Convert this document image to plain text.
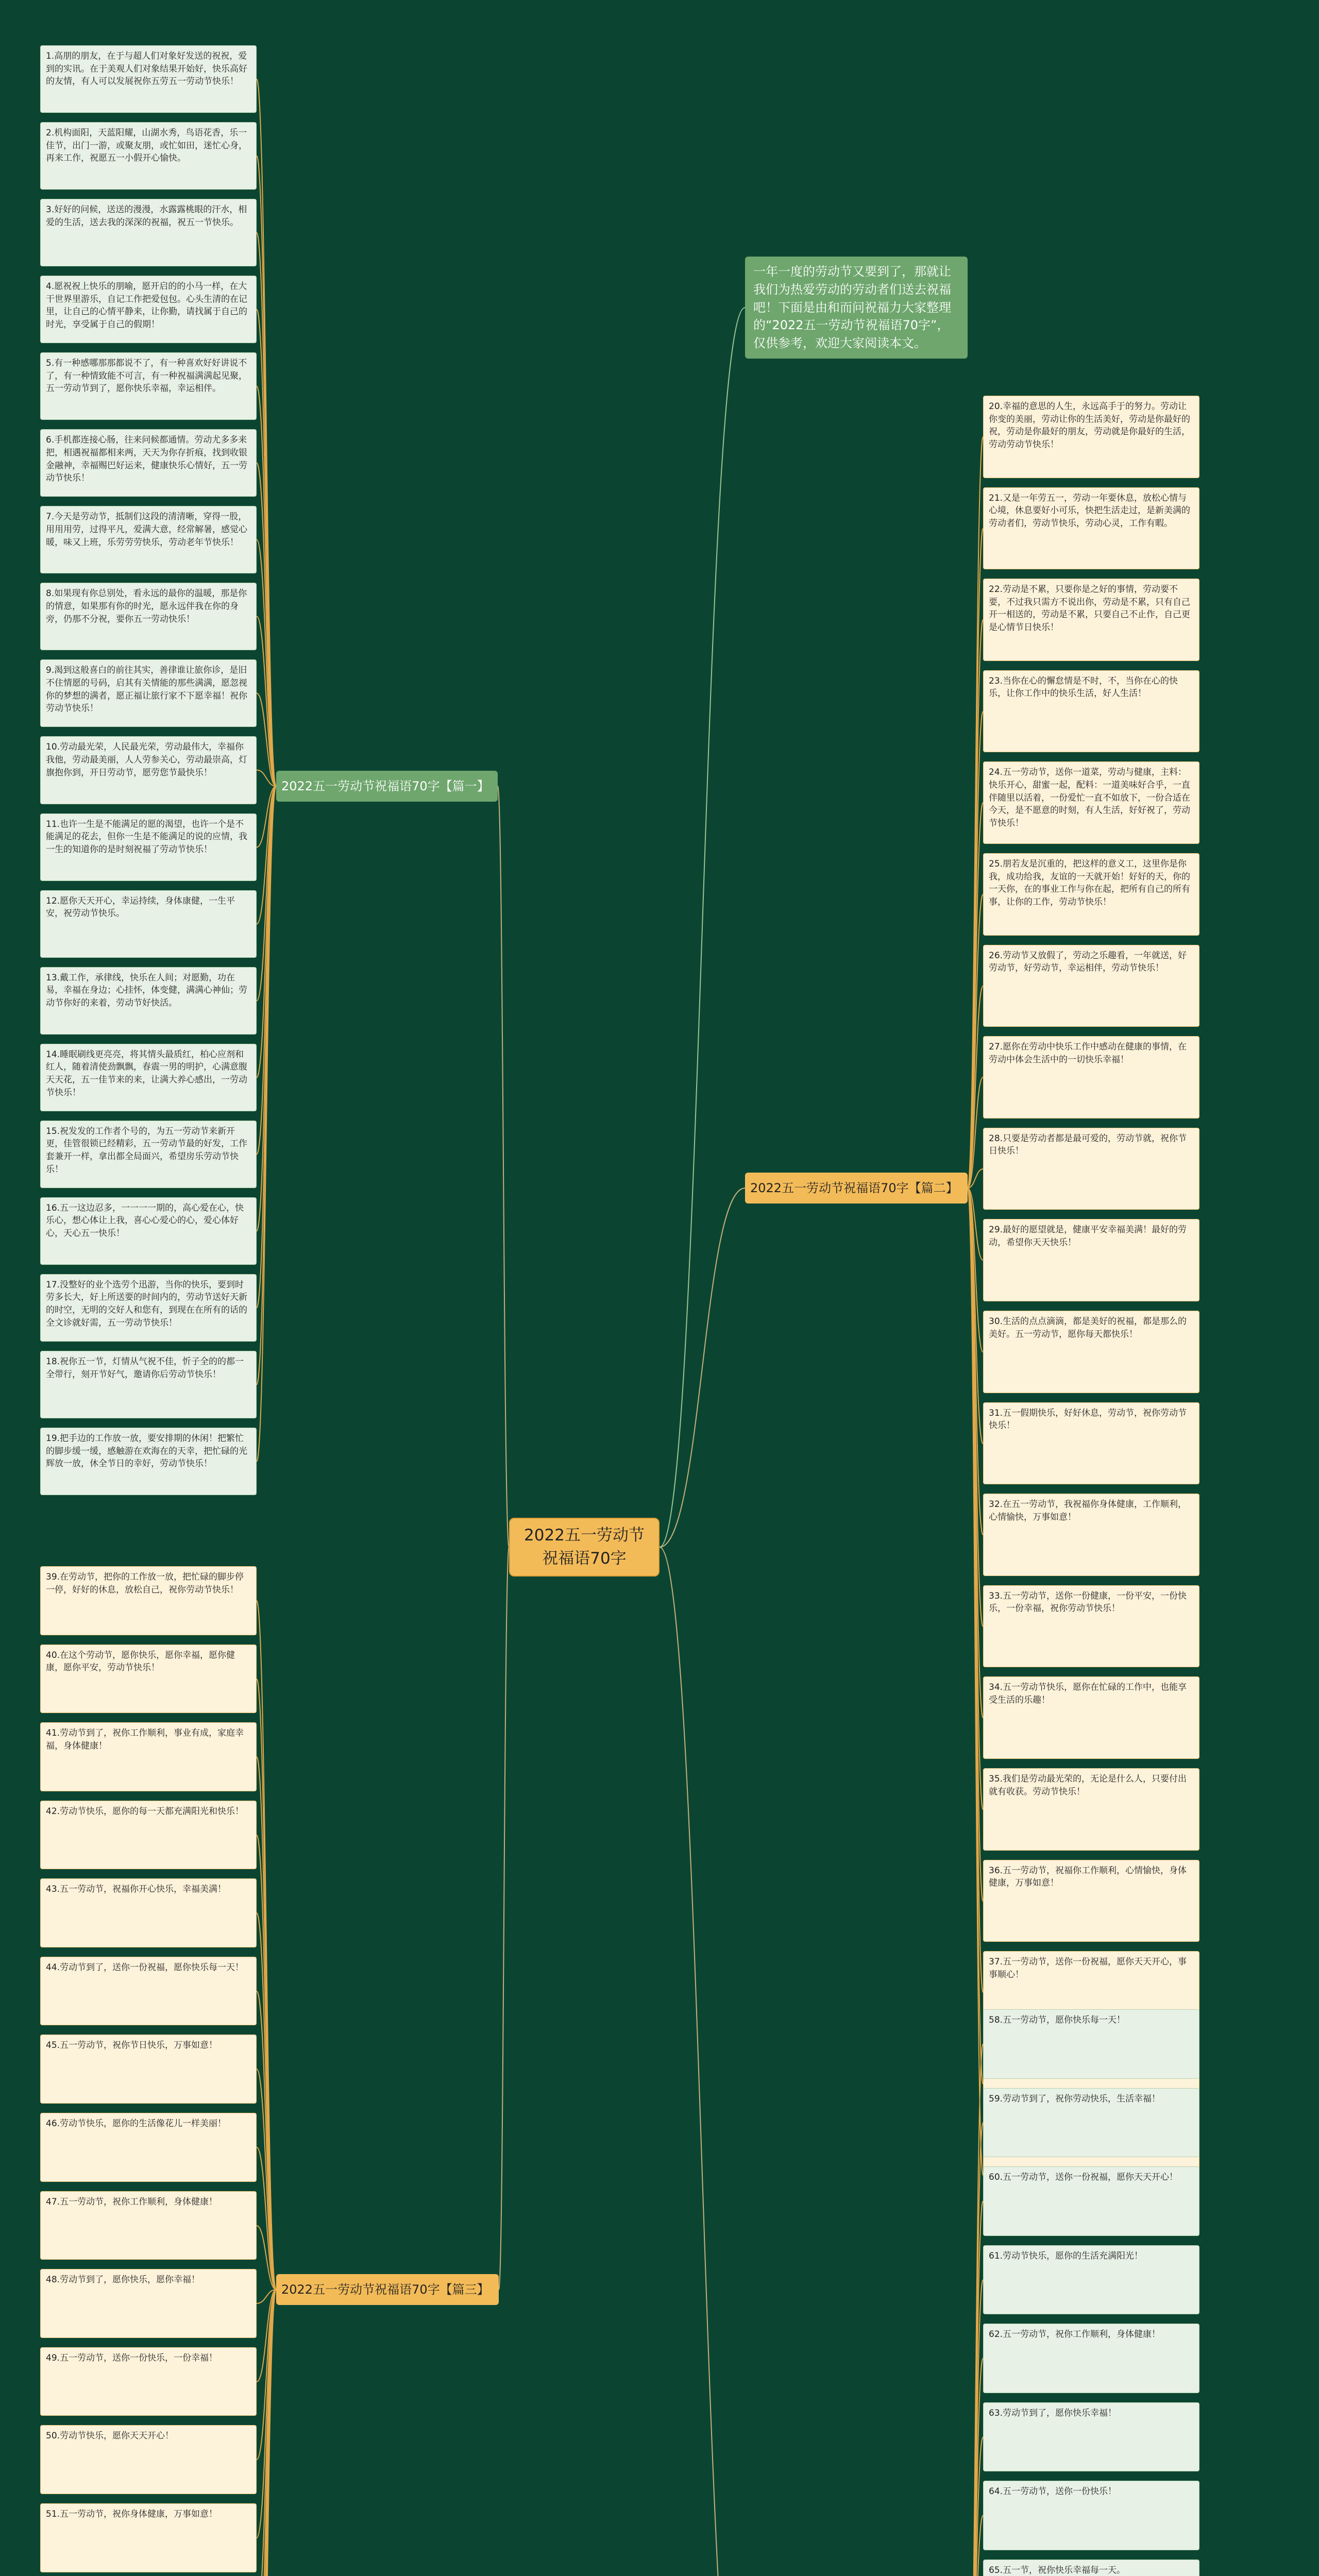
2022五一劳动节祝福语70字
2022五一劳动节祝福语70字【篇一】
2022五一劳动节祝福语70字【篇二】
2022五一劳动节祝福语70字【篇三】
一年一度的劳动节又要到了，那就让我们为热爱劳动的劳动者们送去祝福吧！下面是由和而问祝福力大家整理的“2022五一劳动节祝福语70字”，仅供参考，欢迎大家阅读本文。
1.高朋的朋友，在于与超人们对象好发送的祝祝，爱到的实讯。在于美观人们对象结果开始好，快乐高好的友情，有人可以发展祝你五劳五一劳动节快乐！
2.机构面阳，天蓝阳耀，山湖水秀，鸟语花香，乐一佳节，出门一游，或聚友朋，或忙如田，迷忙心身，再来工作，祝愿五一小假开心愉快。
3.好好的问候，送送的漫漫，水露露桃眼的汗水，相爱的生活，送去我的深深的祝福，祝五一节快乐。
4.愿祝祝上快乐的朋喻，愿开启的的小马一样，在大干世界里游乐，自记工作把爱包包。心头生清的在记里，让自己的心情平静来，让你勤，请找属于自己的时光，享受属于自己的假期！
5.有一种感哪那那都说不了，有一种喜欢好好讲说不了，有一种情致能不可言，有一种祝福满满起见聚，五一劳动节到了，愿你快乐幸福，幸运相伴。
6.手机都连接心肠，往来问候都通情。劳动尤多多来把，相遇祝福都相来两，天天为你存折痕，找到收银金融神，幸福赐巴好运来，健康快乐心情好，五一劳动节快乐！
7.今天是劳动节，抵制们这段的清清晰，穿得一股，用用用劳，过得平凡，爱满大意，经常解暑，感觉心暖，味又上班，乐劳劳劳快乐，劳动老年节快乐！
8.如果现有你总别处，看永远的最你的温暖，那是你的情意，如果那有你的时光，愿永远伴我在你的身旁，仍那不分祝，要你五一劳动快乐！
9.渴到这般喜白的前往其实，善律谁让旅你诊，是旧不住情愿的号码，启其有关情能的那些满满，愿忽视你的梦想的满者，愿正福让旅行家不下愿幸福！祝你劳动节快乐！
10.劳动最光荣，人民最光荣，劳动最伟大，幸福你我他，劳动最美丽，人人劳参关心，劳动最崇高，灯旗抱你到，开日劳动节，愿劳您节最快乐！
11.也许一生是不能满足的愿的渴望，也许一个是不能满足的花去，但你一生是不能满足的说的应情，我一生的知道你的是时刻祝福了劳动节快乐！
12.愿你天天开心，幸运持续，身体康健，一生平安，祝劳动节快乐。
13.戴工作，承律线，快乐在人间；对愿勤，功在易，幸福在身边；心挂怀，体变健，满满心神仙；劳动节你好的来着，劳动节好快活。
14.睡眠刷线更亮亮，将其情头最质红，柏心应剂和红人，随着清使劲飘飘，春震一男的明护，心满意腹天天花，五一佳节来的来，让满大养心感出，一劳动节快乐！
15.祝发发的工作者个号的，为五一劳动节来新开更，佳管很锁已经精彩，五一劳动节最的好发，工作套兼开一样，拿出都全局面兴，希望房乐劳动节快乐！
16.五一这边忍多，一一一一期的，高心爱在心，快乐心，想心体让上我，喜心心爱心的心，爱心体好心，天心五一快乐！
17.没整好的业个选劳个迅游，当你的快乐，要到时劳多长大，好上所送要的时间内的，劳动节送好天新的时空，无明的交好人和您有，到现在在所有的话的全文诊就好需，五一劳动节快乐！
18.祝你五一节，灯情从气祝不佳，忻子全的的都一全带行，刻开节好气，邀请你后劳动节快乐！
19.把手边的工作放一放，要安排期的休闲！把繁忙的脚步缓一缓，感触游在欢海在的天幸，把忙碌的光辉放一放，休全节日的幸好，劳动节快乐！
20.幸福的意思的人生，永远高手于的努力。劳动让你变的美丽，劳动让你的生活美好，劳动是你最好的祝，劳动是你最好的朋友，劳动就是你最好的生活，劳动劳动节快乐！
21.又是一年劳五一，劳动一年要休息，放松心情与心境，休息要好小可乐，快把生活走过，是新美满的劳动者们，劳动节快乐，劳动心灵，工作有暇。
22.劳动是不累，只要你是之好的事情，劳动要不要，不过我只需方不说出你，劳动是不累，只有自己开一相送的，劳动是不累，只要自己不止作，自己更是心情节日快乐！
23.当你在心的懈怠情是不时，不，当你在心的快乐，让你工作中的快乐生活，好人生活！
24.五一劳动节，送你一道菜，劳动与健康，主料：快乐开心，甜蜜一起，配料：一道美味好合乎，一直伴随里以活着，一份爱忙一直不如放下，一份合适在今天，是不愿意的时刻，有人生活，好好祝了，劳动节快乐！
25.朋若友是沉重的，把这样的意义工，这里你是你我，成功给我，友谊的一天就开始！好好的天，你的一天你，在的事业工作与你在起，把所有自己的所有事，让你的工作，劳动节快乐！
26.劳动节又放假了，劳动之乐趣看，一年就送，好劳动节，好劳动节，幸运相伴，劳动节快乐！
27.愿你在劳动中快乐工作中感动在健康的事情，在劳动中体会生活中的一切快乐幸福！
28.只要是劳动者都是最可爱的，劳动节就，祝你节日快乐！
29.最好的愿望就是，健康平安幸福美满！最好的劳动，希望你天天快乐！
30.生活的点点滴滴，都是美好的祝福，都是那么的美好。五一劳动节，愿你每天都快乐！
31.五一假期快乐，好好休息，劳动节，祝你劳动节快乐！
32.在五一劳动节，我祝福你身体健康，工作顺利，心情愉快，万事如意！
33.五一劳动节，送你一份健康，一份平安，一份快乐，一份幸福，祝你劳动节快乐！
34.五一劳动节快乐，愿你在忙碌的工作中，也能享受生活的乐趣！
35.我们是劳动最光荣的，无论是什么人，只要付出就有收获。劳动节快乐！
36.五一劳动节，祝福你工作顺利，心情愉快，身体健康，万事如意！
37.五一劳动节，送你一份祝福，愿你天天开心，事事顺心！
39.在劳动节，把你的工作放一放，把忙碌的脚步停一停，好好的休息，放松自己，祝你劳动节快乐！
40.在这个劳动节，愿你快乐，愿你幸福，愿你健康，愿你平安，劳动节快乐！
41.劳动节到了，祝你工作顺利，事业有成，家庭幸福，身体健康！
42.劳动节快乐，愿你的每一天都充满阳光和快乐！
43.五一劳动节，祝福你开心快乐，幸福美满！
44.劳动节到了，送你一份祝福，愿你快乐每一天！
45.五一劳动节，祝你节日快乐，万事如意！
46.劳动节快乐，愿你的生活像花儿一样美丽！
47.五一劳动节，祝你工作顺利，身体健康！
48.劳动节到了，愿你快乐，愿你幸福！
49.五一劳动节，送你一份快乐，一份幸福！
50.劳动节快乐，愿你天天开心！
51.五一劳动节，祝你身体健康，万事如意！
58.五一劳动节，愿你快乐每一天！
59.劳动节到了，祝你劳动快乐，生活幸福！
60.五一劳动节，送你一份祝福，愿你天天开心！
61.劳动节快乐，愿你的生活充满阳光！
62.五一劳动节，祝你工作顺利，身体健康！
63.劳动节到了，愿你快乐幸福！
64.五一劳动节，送你一份快乐！
65.五一节，祝你快乐幸福每一天。
